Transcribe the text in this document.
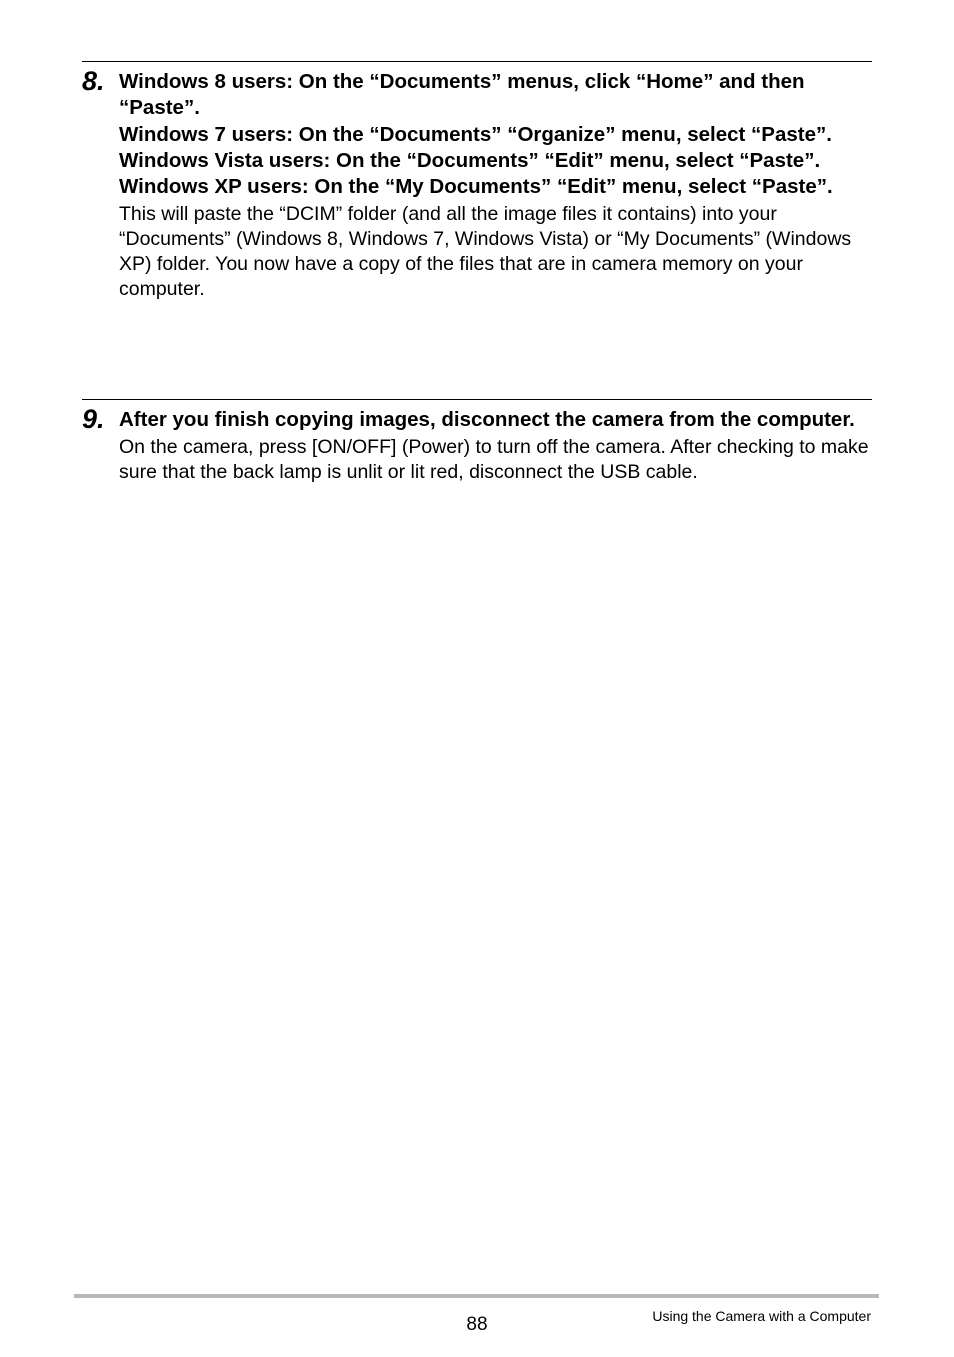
8. Windows 8 users: On the “Documents” menus, click “Home” and then “Paste”.

Windows 7 users: On the “Documents” “Organize” menu, select “Paste”.

Windows Vista users: On the “Documents” “Edit” menu, select “Paste”.

Windows XP users: On the “My Documents” “Edit” menu, select “Paste”.

This will paste the “DCIM” folder (and all the image files it contains) into your “Documents” (Windows 8, Windows 7, Windows Vista) or “My Documents” (Windows XP) folder. You now have a copy of the files that are in camera memory on your computer.

9. After you finish copying images, disconnect the camera from the computer.

On the camera, press [ON/OFF] (Power) to turn off the camera. After checking to make sure that the back lamp is unlit or lit red, disconnect the USB cable.

88	Using the Camera with a Computer
